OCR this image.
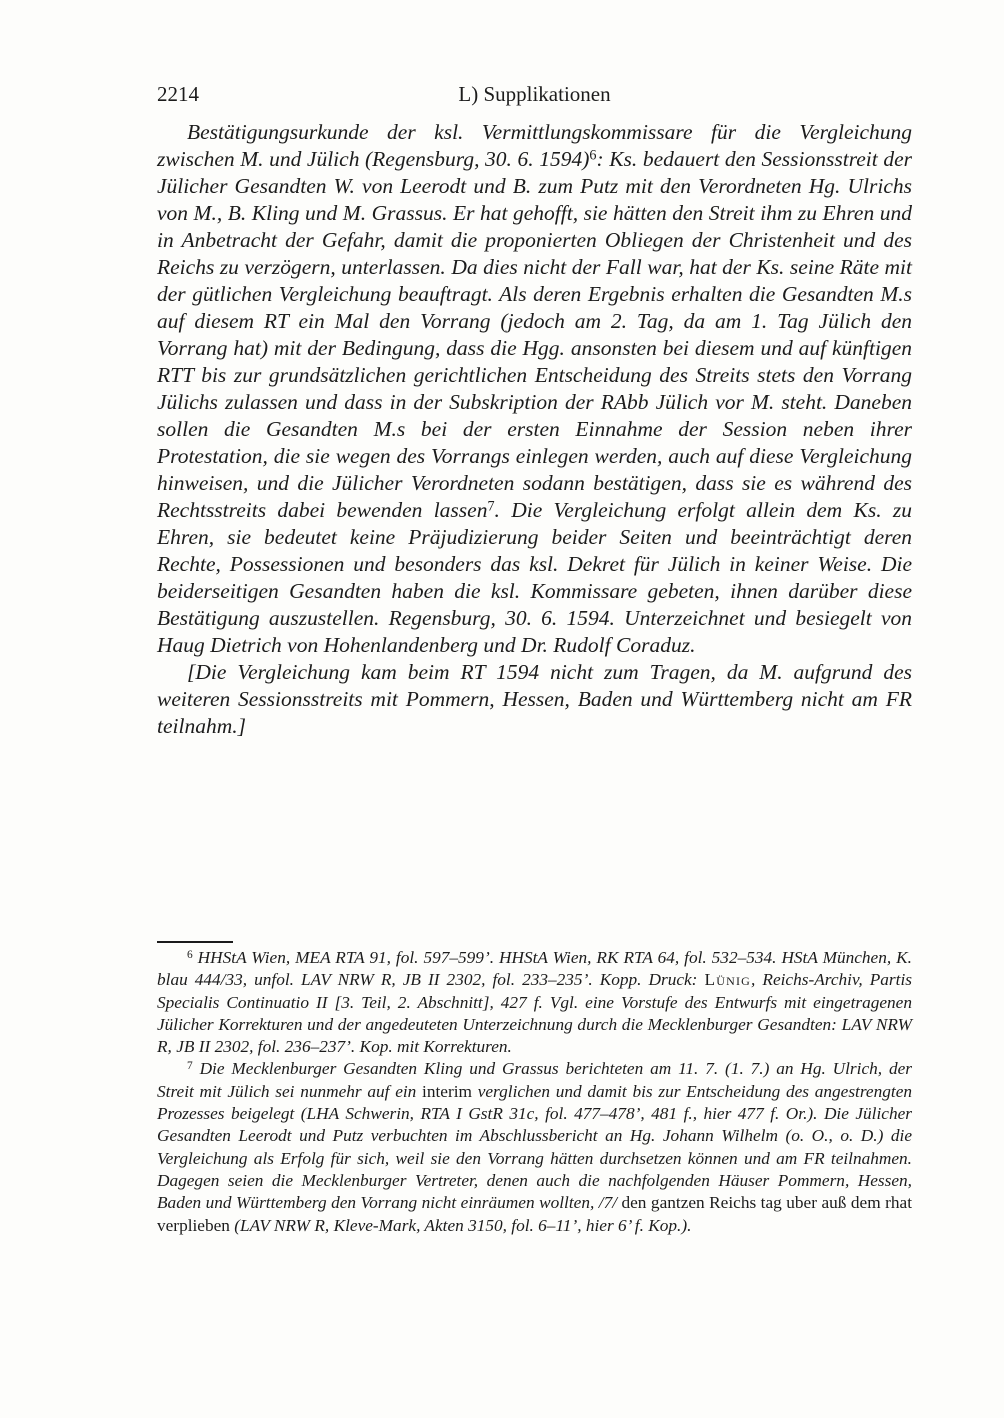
2214	L) Supplikationen

Bestätigungsurkunde der ksl. Vermittlungskommissare für die Vergleichung zwischen M. und Jülich (Regensburg, 30. 6. 1594)$^6$: Ks. bedauert den Sessionsstreit der Jülicher Gesandten W. von Leerodt und B. zum Putz mit den Verordneten Hg. Ulrichs von M., B. Kling und M. Grassus. Er hat gehofft, sie hätten den Streit ihm zu Ehren und in Anbetracht der Gefahr, damit die proponierten Obliegen der Christenheit und des Reichs zu verzögern, unterlassen. Da dies nicht der Fall war, hat der Ks. seine Räte mit der gütlichen Vergleichung beauftragt. Als deren Ergebnis erhalten die Gesandten M.s auf diesem RT ein Mal den Vorrang (jedoch am 2. Tag, da am 1. Tag Jülich den Vorrang hat) mit der Bedingung, dass die Hgg. ansonsten bei diesem und auf künftigen RTT bis zur grundsätzlichen gerichtlichen Entscheidung des Streits stets den Vorrang Jülichs zulassen und dass in der Subskription der RAbb Jülich vor M. steht. Daneben sollen die Gesandten M.s bei der ersten Einnahme der Session neben ihrer Protestation, die sie wegen des Vorrangs einlegen werden, auch auf diese Vergleichung hinweisen, und die Jülicher Verordneten sodann bestätigen, dass sie es während des Rechtsstreits dabei bewenden lassen$^7$. Die Vergleichung erfolgt allein dem Ks. zu Ehren, sie bedeutet keine Präjudizierung beider Seiten und beeinträchtigt deren Rechte, Possessionen und besonders das ksl. Dekret für Jülich in keiner Weise. Die beiderseitigen Gesandten haben die ksl. Kommissare gebeten, ihnen darüber diese Bestätigung auszustellen. Regensburg, 30. 6. 1594. Unterzeichnet und besiegelt von Haug Dietrich von Hohenlandenberg und Dr. Rudolf Coraduz.

[Die Vergleichung kam beim RT 1594 nicht zum Tragen, da M. aufgrund des weiteren Sessionsstreits mit Pommern, Hessen, Baden und Württemberg nicht am FR teilnahm.]

$^6$ HHStA Wien, MEA RTA 91, fol. 597–599’. HHStA Wien, RK RTA 64, fol. 532–534. HStA München, K. blau 444/33, unfol. LAV NRW R, JB II 2302, fol. 233–235’. Kopp. Druck: Lünig, Reichs-Archiv, Partis Specialis Continuatio II [3. Teil, 2. Abschnitt], 427 f. Vgl. eine Vorstufe des Entwurfs mit eingetragenen Jülicher Korrekturen und der angedeuteten Unterzeichnung durch die Mecklenburger Gesandten: LAV NRW R, JB II 2302, fol. 236–237’. Kop. mit Korrekturen.

$^7$ Die Mecklenburger Gesandten Kling und Grassus berichteten am 11. 7. (1. 7.) an Hg. Ulrich, der Streit mit Jülich sei nunmehr auf ein interim verglichen und damit bis zur Entscheidung des angestrengten Prozesses beigelegt (LHA Schwerin, RTA I GstR 31c, fol. 477–478’, 481 f., hier 477 f. Or.). Die Jülicher Gesandten Leerodt und Putz verbuchten im Abschlussbericht an Hg. Johann Wilhelm (o. O., o. D.) die Vergleichung als Erfolg für sich, weil sie den Vorrang hätten durchsetzen können und am FR teilnahmen. Dagegen seien die Mecklenburger Vertreter, denen auch die nachfolgenden Häuser Pommern, Hessen, Baden und Württemberg den Vorrang nicht einräumen wollten, /7/ den gantzen Reichs tag uber auß dem rhat verplieben (LAV NRW R, Kleve-Mark, Akten 3150, fol. 6–11’, hier 6’ f. Kop.).
